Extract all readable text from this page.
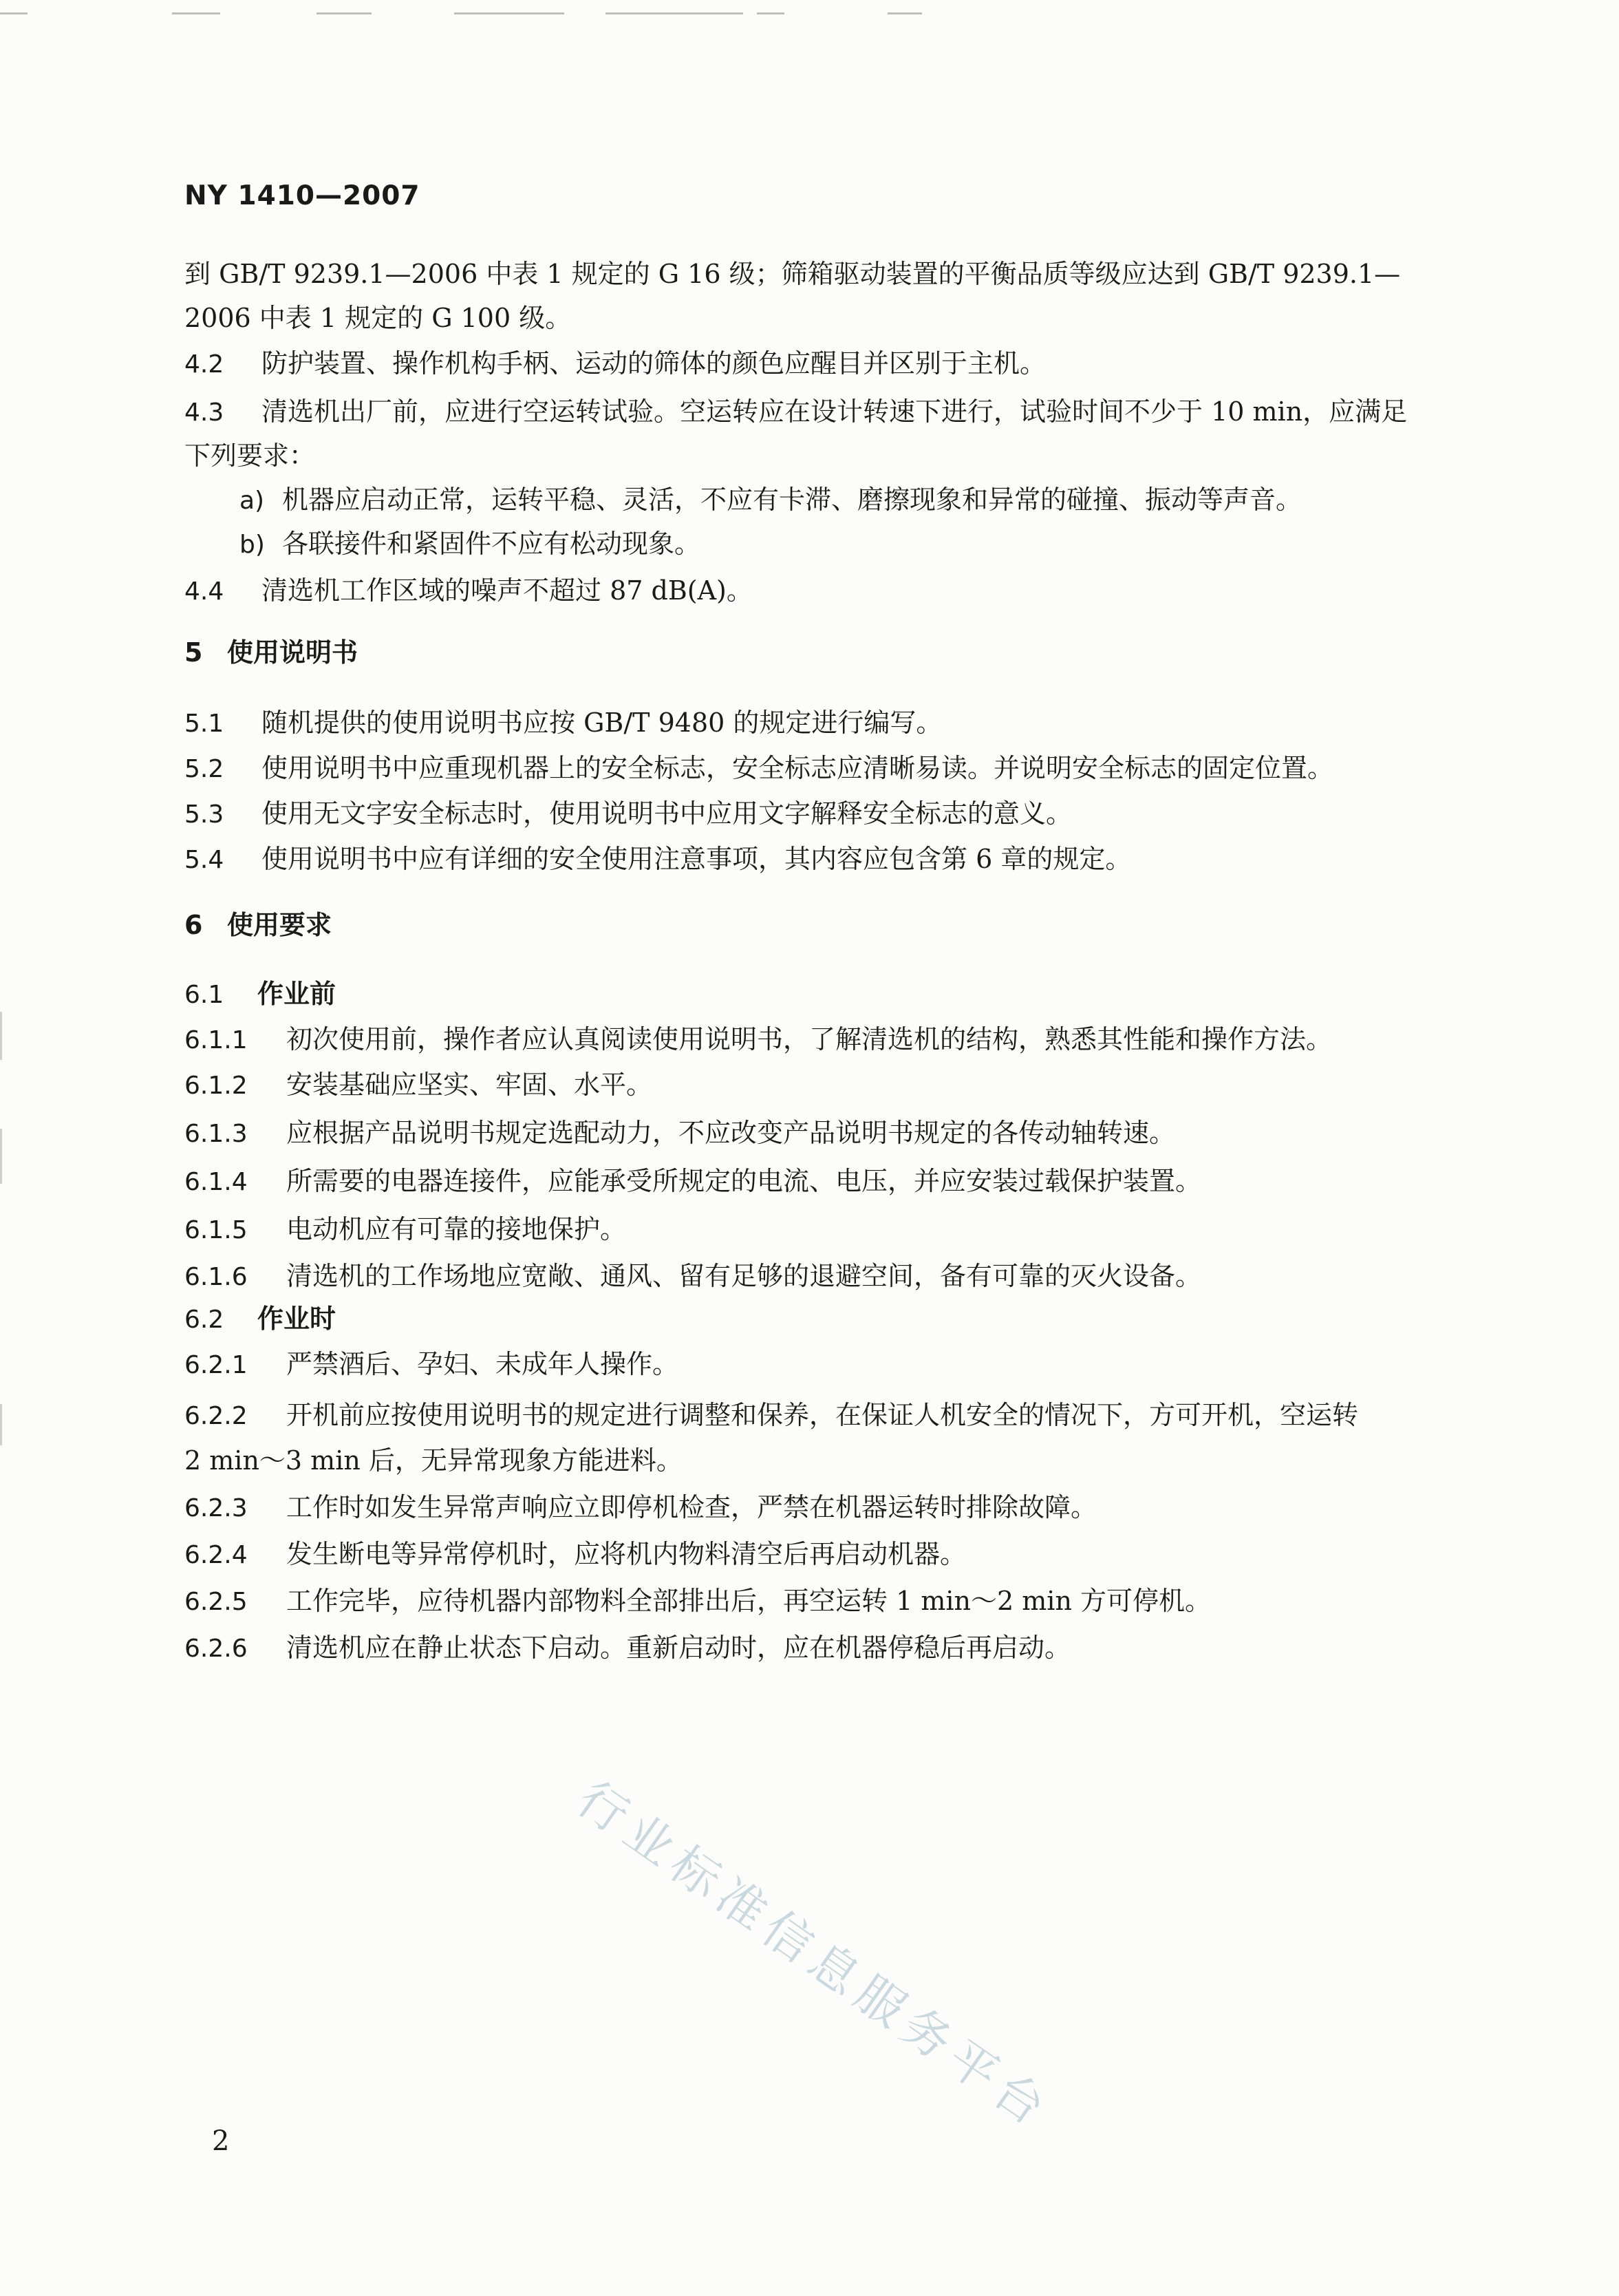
NY 1410—2007
到 GB/T 9239.1—2006 中表 1 规定的 G 16 级；筛箱驱动装置的平衡品质等级应达到 GB/T 9239.1—
2006 中表 1 规定的 G 100 级。
4.2 防护装置、操作机构手柄、运动的筛体的颜色应醒目并区别于主机。
4.3 清选机出厂前，应进行空运转试验。空运转应在设计转速下进行，试验时间不少于 10 min，应满足
下列要求：
a) 机器应启动正常，运转平稳、灵活，不应有卡滞、磨擦现象和异常的碰撞、振动等声音。
b) 各联接件和紧固件不应有松动现象。
4.4 清选机工作区域的噪声不超过 87 dB(A)。
5 使用说明书
5.1 随机提供的使用说明书应按 GB/T 9480 的规定进行编写。
5.2 使用说明书中应重现机器上的安全标志，安全标志应清晰易读。并说明安全标志的固定位置。
5.3 使用无文字安全标志时，使用说明书中应用文字解释安全标志的意义。
5.4 使用说明书中应有详细的安全使用注意事项，其内容应包含第 6 章的规定。
6 使用要求
6.1 作业前
6.1.1 初次使用前，操作者应认真阅读使用说明书，了解清选机的结构，熟悉其性能和操作方法。
6.1.2 安装基础应坚实、牢固、水平。
6.1.3 应根据产品说明书规定选配动力，不应改变产品说明书规定的各传动轴转速。
6.1.4 所需要的电器连接件，应能承受所规定的电流、电压，并应安装过载保护装置。
6.1.5 电动机应有可靠的接地保护。
6.1.6 清选机的工作场地应宽敞、通风、留有足够的退避空间，备有可靠的灭火设备。
6.2 作业时
6.2.1 严禁酒后、孕妇、未成年人操作。
6.2.2 开机前应按使用说明书的规定进行调整和保养，在保证人机安全的情况下，方可开机，空运转
2 min～3 min 后，无异常现象方能进料。
6.2.3 工作时如发生异常声响应立即停机检查，严禁在机器运转时排除故障。
6.2.4 发生断电等异常停机时，应将机内物料清空后再启动机器。
6.2.5 工作完毕，应待机器内部物料全部排出后，再空运转 1 min～2 min 方可停机。
6.2.6 清选机应在静止状态下启动。重新启动时，应在机器停稳后再启动。
行业标准信息服务平台
2
